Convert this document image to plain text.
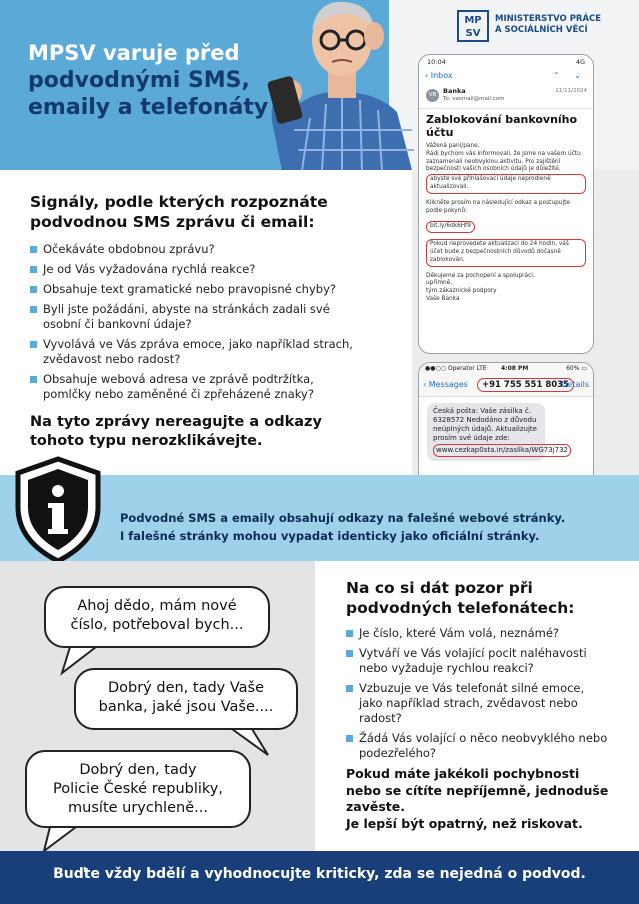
MPSV varuje před
podvodnými SMS,
emaily a telefonáty
MP
SV
MINISTERSTVO PRÁCE
A SOCIÁLNÍCH VĚCÍ
Signály, podle kterých rozpoznáte podvodnou SMS zprávu či email:
Očekáváte obdobnou zprávu?
Je od Vás vyžadována rychlá reakce?
Obsahuje text gramatické nebo pravopisné chyby?
Byli jste požádáni, abyste na stránkách zadali své osobní či bankovní údaje?
Vyvolává ve Vás zpráva emoce, jako například strach, zvědavost nebo radost?
Obsahuje webová adresa ve zprávě podtržítka, pomlčky nebo zaměněné či zpřeházené znaky?
Na tyto zprávy nereagujte a odkazy tohoto typu nerozklikávejte.
10:04	4G
‹ Inbox	⌃ ⌄
VB	Banka
To: vasmail@mail.com
11/11/2024
Zablokování bankovního účtu

Vážená paní/pane,
Rádi bychom vás informovali, že jsme na vašem účtu zaznamenali neobvyklou aktivitu. Pro zajištění bezpečnosti vašich osobních údajů je důležité, abyste své přihlašovací údaje neprodleně aktualizovali.

Klikněte prosím na následující odkaz a postupujte podle pokynů:

bit.ly/6dk6Hf9

Pokud neprovedete aktualizaci do 24 hodin, váš účet bude z bezpečnostních důvodů dočasně zablokován.

Děkujeme za pochopení a spolupráci.
upřímně,
tým zákaznické podpory
Vaše Banka

●●○○ Operator LTE 4:08 PM	60% ▭
‹ Messages	+91 755 551 8035
Details
Česká pošta: Vaše zásilka č. 6328572 Nedodáno z důvodu neúplných údajů. Aktualizujte prosím své údaje zde:
www.cezkap0sta.in/zasilka/WG73j732
Podvodné SMS a emaily obsahují odkazy na falešné webové stránky.
I falešné stránky mohou vypadat identicky jako oficiální stránky.
Ahoj dědo, mám nové
číslo, potřeboval bych...
Dobrý den, tady Vaše
banka, jaké jsou Vaše....
Dobrý den, tady
Policie České republiky,
musíte urychleně...
Na co si dát pozor při podvodných telefonátech:
Je číslo, které Vám volá, neznámé?
Vytváří ve Vás volající pocit naléhavosti nebo vyžaduje rychlou reakci?
Vzbuzuje ve Vás telefonát silné emoce, jako například strach, zvědavost nebo radost?
Žádá Vás volající o něco neobvyklého nebo podezřelého?
Pokud máte jakékoli pochybnosti nebo se cítíte nepříjemně, jednoduše zavěste.
Je lepší být opatrný, než riskovat.
Buďte vždy bdělí a vyhodnocujte kriticky, zda se nejedná o podvod.
